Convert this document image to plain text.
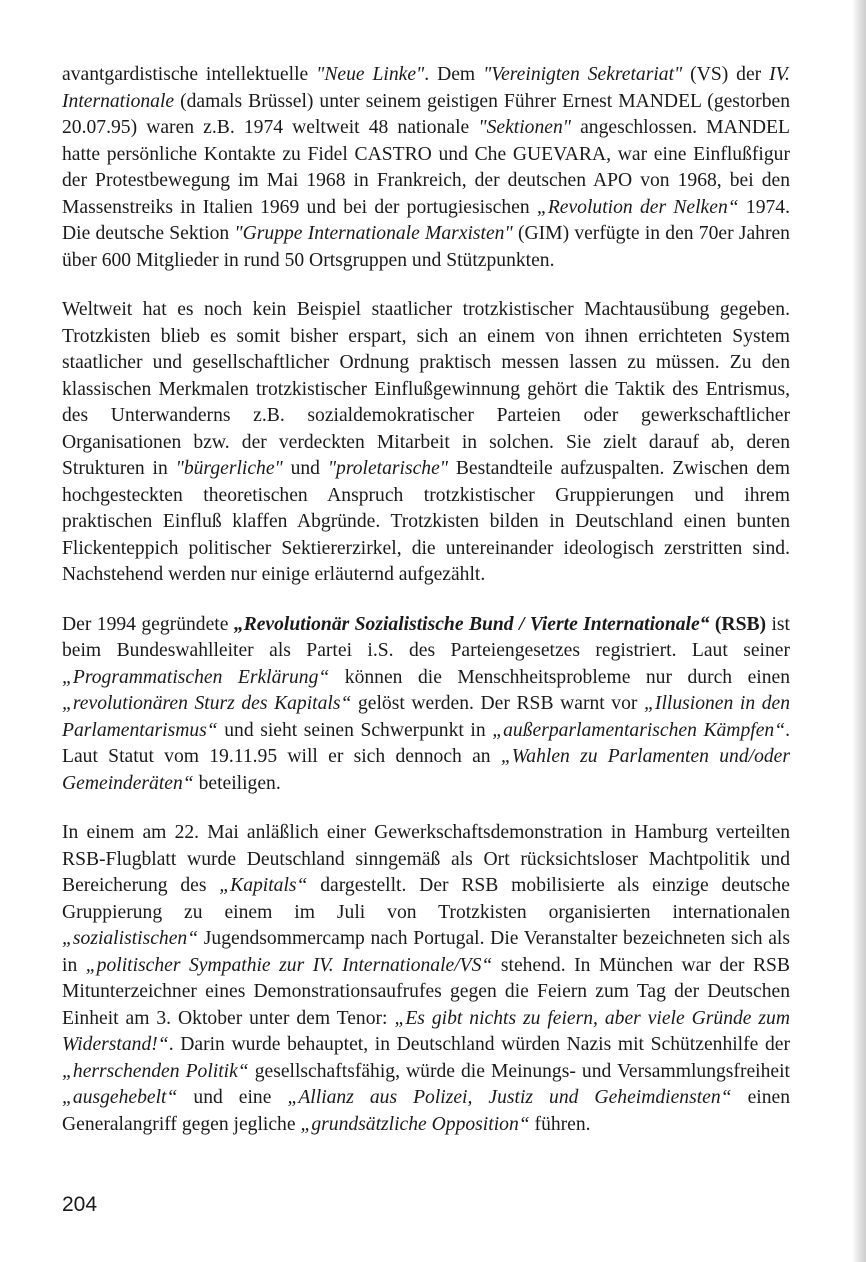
avantgardistische intellektuelle "Neue Linke". Dem "Vereinigten Sekretariat" (VS) der IV. Internationale (damals Brüssel) unter seinem geistigen Führer Ernest MANDEL (gestorben 20.07.95) waren z.B. 1974 weltweit 48 nationale "Sektionen" angeschlossen. MANDEL hatte persönliche Kontakte zu Fidel CASTRO und Che GUEVARA, war eine Einflußfigur der Protestbewegung im Mai 1968 in Frankreich, der deutschen APO von 1968, bei den Massenstreiks in Italien 1969 und bei der portugiesischen „Revolution der Nelken“ 1974. Die deutsche Sektion "Gruppe Internationale Marxisten" (GIM) verfügte in den 70er Jahren über 600 Mitglieder in rund 50 Ortsgruppen und Stützpunkten.

Weltweit hat es noch kein Beispiel staatlicher trotzkistischer Machtausübung gegeben. Trotzkisten blieb es somit bisher erspart, sich an einem von ihnen errichteten System staatlicher und gesellschaftlicher Ordnung praktisch messen lassen zu müssen. Zu den klassischen Merkmalen trotzkistischer Einflußgewinnung gehört die Taktik des Entrismus, des Unterwanderns z.B. sozialdemokratischer Parteien oder gewerkschaftlicher Organisationen bzw. der verdeckten Mitarbeit in solchen. Sie zielt darauf ab, deren Strukturen in "bürgerliche" und "proletarische" Bestandteile aufzuspalten. Zwischen dem hochgesteckten theoretischen Anspruch trotzkistischer Gruppierungen und ihrem praktischen Einfluß klaffen Abgründe. Trotzkisten bilden in Deutschland einen bunten Flickenteppich politischer Sektiererzirkel, die untereinander ideologisch zerstritten sind. Nachstehend werden nur einige erläuternd aufgezählt.

Der 1994 gegründete „Revolutionär Sozialistische Bund / Vierte Internationale“ (RSB) ist beim Bundeswahlleiter als Partei i.S. des Parteiengesetzes registriert. Laut seiner „Programmatischen Erklärung“ können die Menschheitsprobleme nur durch einen „revolutionären Sturz des Kapitals“ gelöst werden. Der RSB warnt vor „Illusionen in den Parlamentarismus“ und sieht seinen Schwerpunkt in „außerparlamentarischen Kämpfen“. Laut Statut vom 19.11.95 will er sich dennoch an „Wahlen zu Parlamenten und/oder Gemeinderäten“ beteiligen.

In einem am 22. Mai anläßlich einer Gewerkschaftsdemonstration in Hamburg verteilten RSB-Flugblatt wurde Deutschland sinngemäß als Ort rücksichtsloser Machtpolitik und Bereicherung des „Kapitals“ dargestellt. Der RSB mobilisierte als einzige deutsche Gruppierung zu einem im Juli von Trotzkisten organisierten internationalen „sozialistischen“ Jugendsommercamp nach Portugal. Die Veranstalter bezeichneten sich als in „politischer Sympathie zur IV. Internationale/VS“ stehend. In München war der RSB Mitunterzeichner eines Demonstrationsaufrufes gegen die Feiern zum Tag der Deutschen Einheit am 3. Oktober unter dem Tenor: „Es gibt nichts zu feiern, aber viele Gründe zum Widerstand!“. Darin wurde behauptet, in Deutschland würden Nazis mit Schützenhilfe der „herrschenden Politik“ gesellschaftsfähig, würde die Meinungs- und Versammlungsfreiheit „ausgehebelt“ und eine „Allianz aus Polizei, Justiz und Geheimdiensten“ einen Generalangriff gegen jegliche „grundsätzliche Opposition“ führen.

204
